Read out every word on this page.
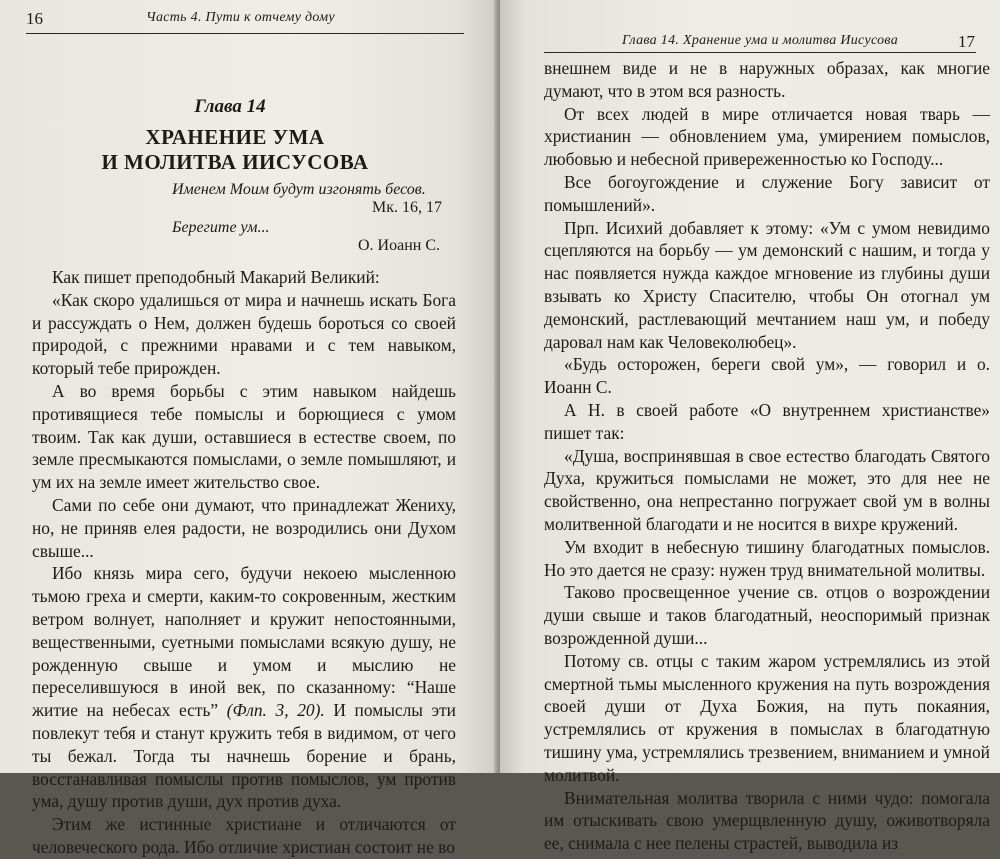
16	Часть 4. Пути к отчему дому
Глава 14
ХРАНЕНИЕ УМА
И МОЛИТВА ИИСУСОВА
Именем Моим будут изгонять бесов.
Мк. 16, 17
Берегите ум...
О. Иоанн С.

Как пишет преподобный Макарий Великий:

«Как скоро удалишься от мира и начнешь искать Бога и рассуждать о Нем, должен будешь бороться со своей природой, с прежними нравами и с тем навыком, который тебе прирожден.

А во время борьбы с этим навыком найдешь противящиеся тебе помыслы и борющиеся с умом твоим. Так как души, оставшиеся в естестве своем, по земле пресмыкаются помыслами, о земле помышляют, и ум их на земле имеет жительство свое.

Сами по себе они думают, что принадлежат Жениху, но, не приняв елея радости, не возродились они Духом свыше...

Ибо князь мира сего, будучи некоею мысленною тьмою греха и смерти, каким-то сокровенным, жестким ветром волнует, наполняет и кружит непостоянными, вещественными, суетными помыслами всякую душу, не рожденную свыше и умом и мыслию не переселившуюся в иной век, по сказанному: “Наше житие на небесах есть” (Флп. 3, 20). И помыслы эти повлекут тебя и станут кружить тебя в видимом, от чего ты бежал. Тогда ты начнешь борение и брань, восстанавливая помыслы против помыслов, ум против ума, душу против души, дух против духа.

Этим же истинные христиане и отличаются от человеческого рода. Ибо отличие христиан состоит не во

Глава 14. Хранение ума и молитва Иисусова	17

внешнем виде и не в наружных образах, как многие думают, что в этом вся разность.

От всех людей в мире отличается новая тварь — христианин — обновлением ума, умирением помыслов, любовью и небесной привереженностью ко Господу...

Все богоугождение и служение Богу зависит от помышлений».

Прп. Исихий добавляет к этому: «Ум с умом невидимо сцепляются на борьбу — ум демонский с нашим, и тогда у нас появляется нужда каждое мгновение из глубины души взывать ко Христу Спасителю, чтобы Он отогнал ум демонский, растлевающий мечтанием наш ум, и победу даровал нам как Человеколюбец».

«Будь осторожен, береги свой ум», — говорил и о. Иоанн С.

А Н. в своей работе «О внутреннем христианстве» пишет так:

«Душа, воспринявшая в свое естество благодать Святого Духа, кружиться помыслами не может, это для нее не свойственно, она непрестанно погружает свой ум в волны молитвенной благодати и не носится в вихре кружений.

Ум входит в небесную тишину благодатных помыслов. Но это дается не сразу: нужен труд внимательной молитвы.

Таково просвещенное учение св. отцов о возрождении души свыше и таков благодатный, неоспоримый признак возрожденной души...

Потому св. отцы с таким жаром устремлялись из этой смертной тьмы мысленного кружения на путь возрождения своей души от Духа Божия, на путь покаяния, устремлялись от кружения в помыслах в благодатную тишину ума, устремлялись трезвением, вниманием и умной молитвой.

Внимательная молитва творила с ними чудо: помогала им отыскивать свою умерщвленную душу, оживотворяла ее, снимала с нее пелены страстей, выводила из
